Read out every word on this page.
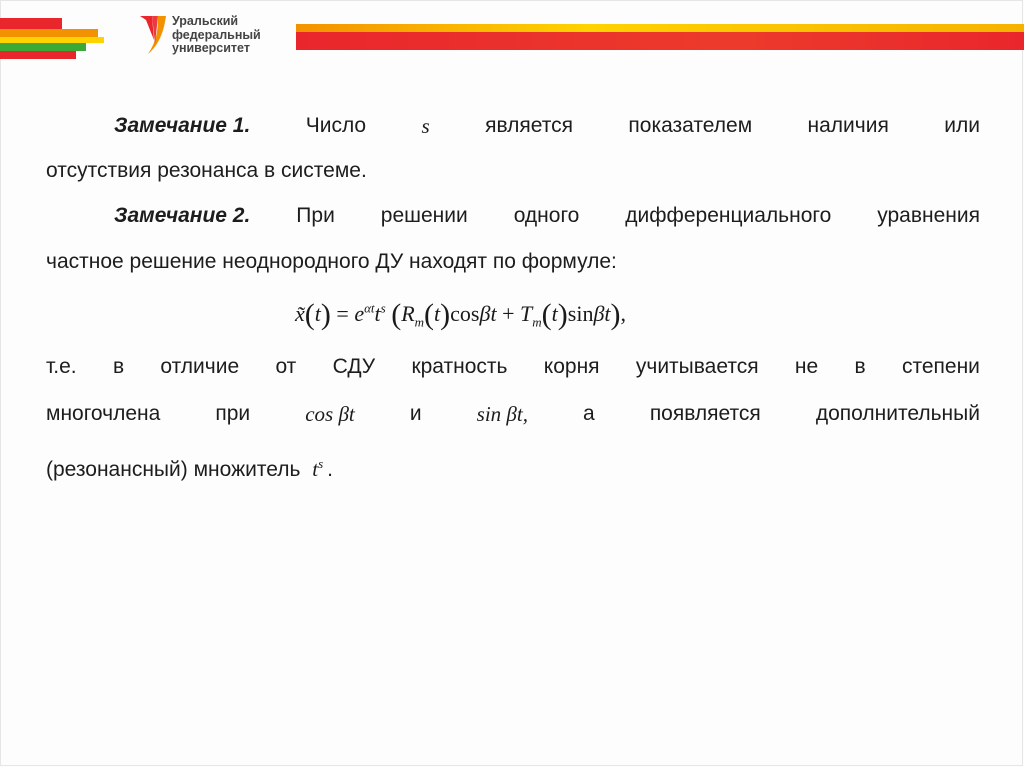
Уральский
федеральный
университет
Замечание 1.	Число	s	является	показателем	наличия	или
отсутствия резонанса в системе.
Замечание 2. При решении одного дифференциального уравнения
частное решение неоднородного ДУ находят по формуле:
т.е. в отличие от СДУ кратность корня учитывается не в степени
многочлена	при	cos βt	и	sin βt,	а	появляется	дополнительный
(резонансный) множитель $t^s$ .
x̃(t) = $e^{\alpha t}t^s$ $(R_m(t)\cos\beta t + T_m(t)\sin\beta t)$,
